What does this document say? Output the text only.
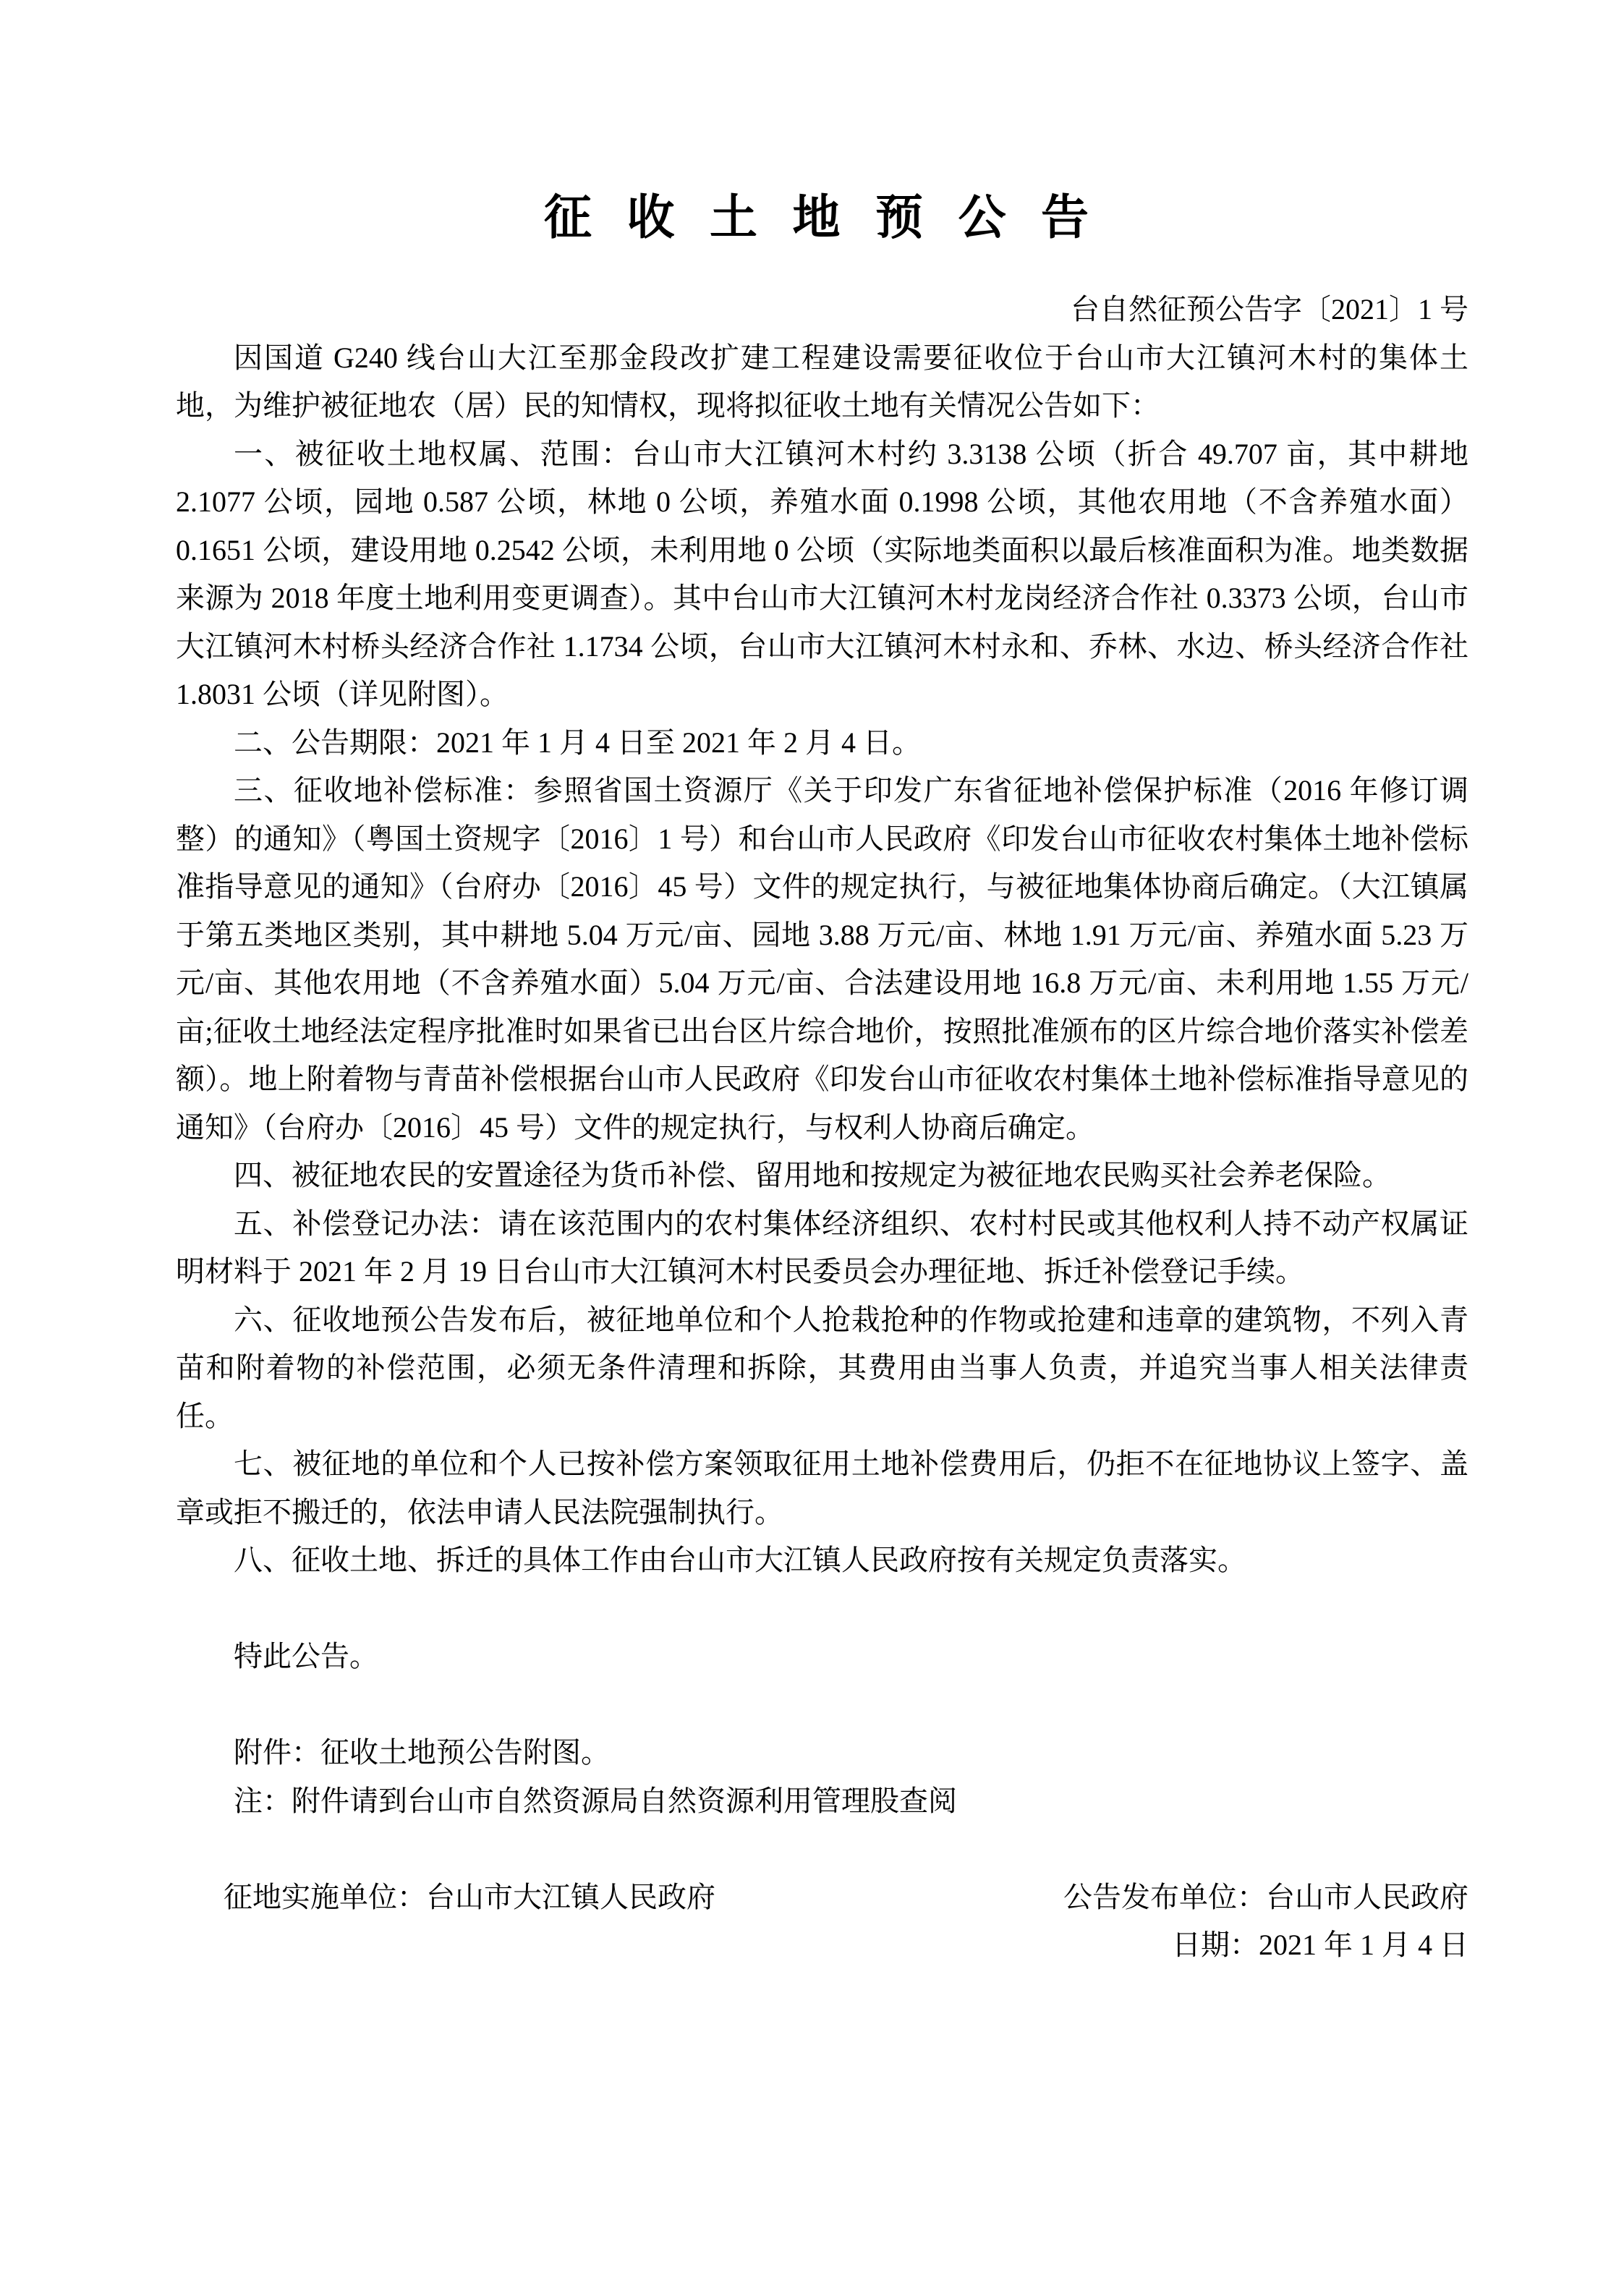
征 收 土 地 预 公 告
台自然征预公告字〔2021〕1 号

因国道 G240 线台山大江至那金段改扩建工程建设需要征收位于台山市大江镇河木村的集体土地，为维护被征地农（居）民的知情权，现将拟征收土地有关情况公告如下：

一、被征收土地权属、范围：台山市大江镇河木村约 3.3138 公顷（折合 49.707 亩，其中耕地 2.1077 公顷，园地 0.587 公顷，林地 0 公顷，养殖水面 0.1998 公顷，其他农用地（不含养殖水面）0.1651 公顷，建设用地 0.2542 公顷，未利用地 0 公顷（实际地类面积以最后核准面积为准。地类数据来源为 2018 年度土地利用变更调查）。其中台山市大江镇河木村龙岗经济合作社 0.3373 公顷，台山市大江镇河木村桥头经济合作社 1.1734 公顷，台山市大江镇河木村永和、乔林、水边、桥头经济合作社 1.8031 公顷（详见附图）。

二、公告期限：2021 年 1 月 4 日至 2021 年 2 月 4 日。

三、征收地补偿标准：参照省国土资源厅《关于印发广东省征地补偿保护标准（2016 年修订调整）的通知》（粤国土资规字〔2016〕1 号）和台山市人民政府《印发台山市征收农村集体土地补偿标准指导意见的通知》（台府办〔2016〕45 号）文件的规定执行，与被征地集体协商后确定。（大江镇属于第五类地区类别，其中耕地 5.04 万元/亩、园地 3.88 万元/亩、林地 1.91 万元/亩、养殖水面 5.23 万元/亩、其他农用地（不含养殖水面）5.04 万元/亩、合法建设用地 16.8 万元/亩、未利用地 1.55 万元/亩;征收土地经法定程序批准时如果省已出台区片综合地价，按照批准颁布的区片综合地价落实补偿差额）。地上附着物与青苗补偿根据台山市人民政府《印发台山市征收农村集体土地补偿标准指导意见的通知》（台府办〔2016〕45 号）文件的规定执行，与权利人协商后确定。

四、被征地农民的安置途径为货币补偿、留用地和按规定为被征地农民购买社会养老保险。

五、补偿登记办法：请在该范围内的农村集体经济组织、农村村民或其他权利人持不动产权属证明材料于 2021 年 2 月 19 日台山市大江镇河木村民委员会办理征地、拆迁补偿登记手续。

六、征收地预公告发布后，被征地单位和个人抢栽抢种的作物或抢建和违章的建筑物，不列入青苗和附着物的补偿范围，必须无条件清理和拆除，其费用由当事人负责，并追究当事人相关法律责任。

七、被征地的单位和个人已按补偿方案领取征用土地补偿费用后，仍拒不在征地协议上签字、盖章或拒不搬迁的，依法申请人民法院强制执行。

八、征收土地、拆迁的具体工作由台山市大江镇人民政府按有关规定负责落实。

特此公告。

附件：征收土地预公告附图。

注：附件请到台山市自然资源局自然资源利用管理股查阅

征地实施单位：台山市大江镇人民政府	公告发布单位：台山市人民政府
日期：2021 年 1 月 4 日
